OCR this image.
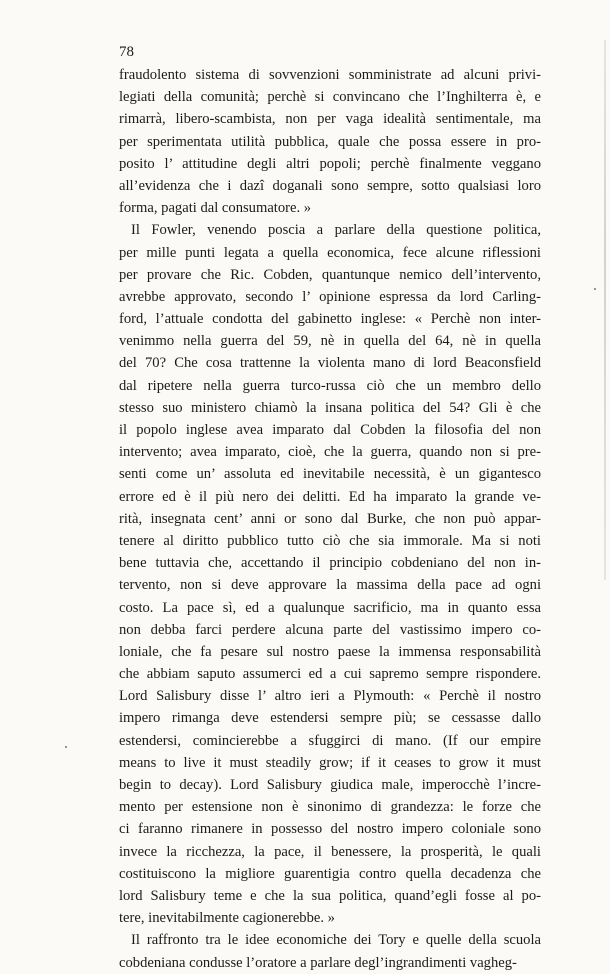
78
fraudolento sistema di sovvenzioni somministrate ad alcuni privi-
legiati della comunità; perchè si convincano che l’Inghilterra è, e
rimarrà, libero-scambista, non per vaga idealità sentimentale, ma
per sperimentata utilità pubblica, quale che possa essere in pro-
posito l’ attitudine degli altri popoli; perchè finalmente veggano
all’evidenza che i dazî doganali sono sempre, sotto qualsiasi loro
forma, pagati dal consumatore. »
Il Fowler, venendo poscia a parlare della questione politica,
per mille punti legata a quella economica, fece alcune riflessioni
per provare che Ric. Cobden, quantunque nemico dell’intervento,
avrebbe approvato, secondo l’ opinione espressa da lord Carling-
ford, l’attuale condotta del gabinetto inglese: « Perchè non inter-
venimmo nella guerra del 59, nè in quella del 64, nè in quella
del 70? Che cosa trattenne la violenta mano di lord Beaconsfield
dal ripetere nella guerra turco-russa ciò che un membro dello
stesso suo ministero chiamò la insana politica del 54? Gli è che
il popolo inglese avea imparato dal Cobden la filosofia del non
intervento; avea imparato, cioè, che la guerra, quando non si pre-
senti come un’ assoluta ed inevitabile necessità, è un gigantesco
errore ed è il più nero dei delitti. Ed ha imparato la grande ve-
rità, insegnata cent’ anni or sono dal Burke, che non può appar-
tenere al diritto pubblico tutto ciò che sia immorale. Ma si noti
bene tuttavia che, accettando il principio cobdeniano del non in-
tervento, non si deve approvare la massima della pace ad ogni
costo. La pace sì, ed a qualunque sacrificio, ma in quanto essa
non debba farci perdere alcuna parte del vastissimo impero co-
loniale, che fa pesare sul nostro paese la immensa responsabilità
che abbiam saputo assumerci ed a cui sapremo sempre rispondere.
Lord Salisbury disse l’ altro ieri a Plymouth: « Perchè il nostro
impero rimanga deve estendersi sempre più; se cessasse dallo
estendersi, comincierebbe a sfuggirci di mano. (If our empire
means to live it must steadily grow; if it ceases to grow it must
begin to decay). Lord Salisbury giudica male, imperocchè l’incre-
mento per estensione non è sinonimo di grandezza: le forze che
ci faranno rimanere in possesso del nostro impero coloniale sono
invece la ricchezza, la pace, il benessere, la prosperità, le quali
costituiscono la migliore guarentigia contro quella decadenza che
lord Salisbury teme e che la sua politica, quand’egli fosse al po-
tere, inevitabilmente cagionerebbe. »
Il raffronto tra le idee economiche dei Tory e quelle della scuola
cobdeniana condusse l’oratore a parlare degl’ingrandimenti vagheg-
